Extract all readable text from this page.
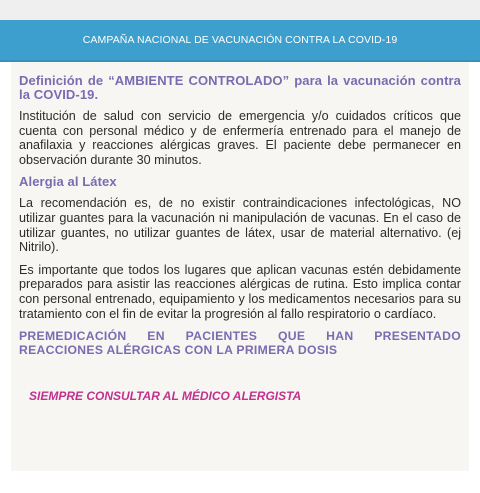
CAMPAÑA NACIONAL DE VACUNACIÓN CONTRA LA COVID-19
Definición de “AMBIENTE CONTROLADO” para la vacunación contra la COVID-19.

Institución de salud con servicio de emergencia y/o cuidados críticos que cuenta con personal médico y de enfermería entrenado para el manejo de anafilaxia y reacciones alérgicas graves. El paciente debe permanecer en observación durante 30 minutos.

Alergia al Látex

La recomendación es, de no existir contraindicaciones infectológicas, NO utilizar guantes para la vacunación ni manipulación de vacunas. En el caso de utilizar guantes, no utilizar guantes de látex, usar de material alternativo. (ej Nitrilo).

Es importante que todos los lugares que aplican vacunas estén debidamente preparados para asistir las reacciones alérgicas de rutina. Esto implica contar con personal entrenado, equipamiento y los medicamentos necesarios para su tratamiento con el fin de evitar la progresión al fallo respiratorio o cardíaco.

PREMEDICACIÓN EN PACIENTES QUE HAN PRESENTADO REACCIONES ALÉRGICAS CON LA PRIMERA DOSIS
SIEMPRE CONSULTAR AL MÉDICO ALERGISTA
